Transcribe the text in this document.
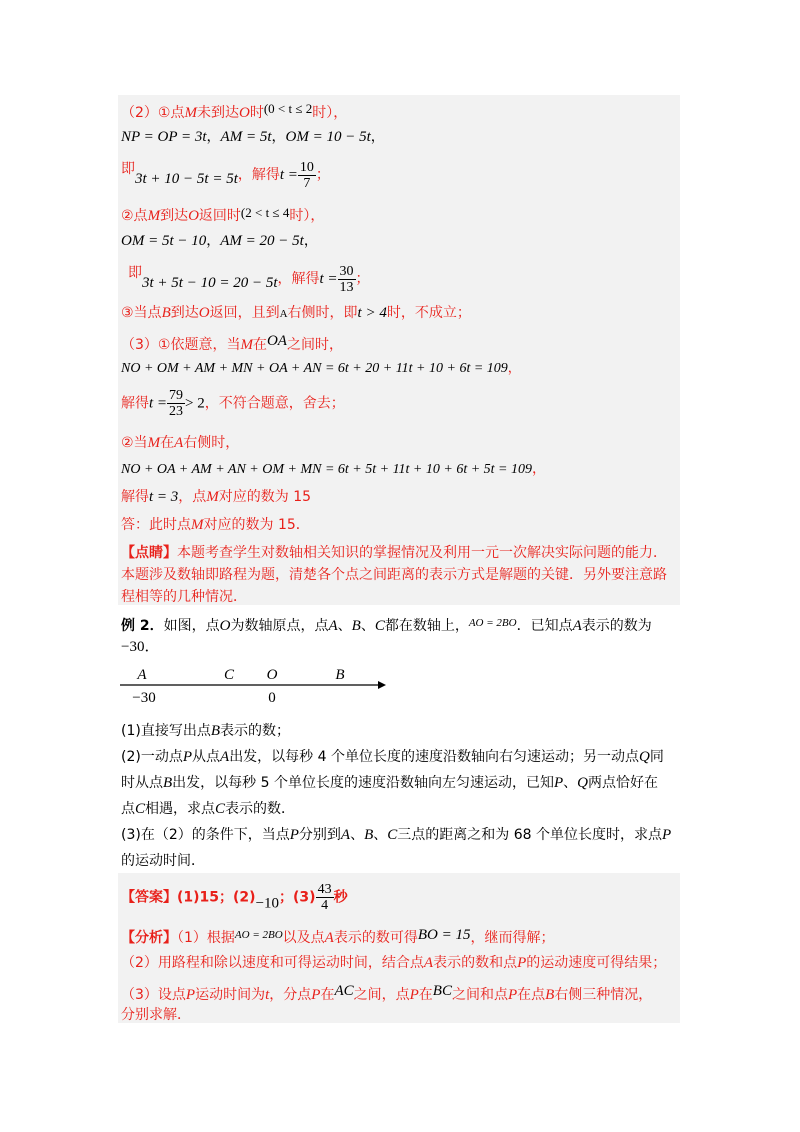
（2）①点M未到达O时(0 < t ≤ 2时），
NP = OP = 3t，AM = 5t，OM = 10 − 5t，
即3t + 10 − 5t = 5t，解得$t = \frac{10}{7}$ ；
②点M到达O返回时(2 < t ≤ 4时），
OM = 5t − 10，AM = 20 − 5t，
即3t + 5t − 10 = 20 − 5t，解得$t = \frac{30}{13}$ ；
③当点B到达O返回，且到A右侧时，即t > 4时，不成立；
（3）①依题意，当M在OA之间时，
NO + OM + AM + MN + OA + AN = 6t + 20 + 11t + 10 + 6t = 109，
解得$t = \frac{79}{23} > 2$，不符合题意，舍去；
②当M在A右侧时，
NO + OA + AM + AN + OM + MN = 6t + 5t + 11t + 10 + 6t + 5t = 109，
解得t = 3，点M对应的数为 15
答：此时点M对应的数为 15．
【点睛】本题考查学生对数轴相关知识的掌握情况及利用一元一次解决实际问题的能力．
本题涉及数轴即路程为题，清楚各个点之间距离的表示方式是解题的关键．另外要注意路
程相等的几种情况．
例 2．如图，点O为数轴原点，点A、B、C都在数轴上，$^{AO = 2BO}$．已知点A表示的数为
−30．
A	C O	B
−30	0
(1)直接写出点B表示的数；
(2)一动点P从点A出发，以每秒 4 个单位长度的速度沿数轴向右匀速运动；另一动点Q同
时从点B出发，以每秒 5 个单位长度的速度沿数轴向左匀速运动，已知P、Q两点恰好在
点C相遇，求点C表示的数．
(3)在（2）的条件下，当点P分别到A、B、C三点的距离之和为 68 个单位长度时，求点P
的运动时间．
【答案】(1)15；(2)−10；$(3) \frac{43}{4}$ 秒
【分析】（1）根据$^{AO = 2BO}$以及点A表示的数可得BO = 15，继而得解；
（2）用路程和除以速度和可得运动时间，结合点A表示的数和点P的运动速度可得结果；
（3）设点P运动时间为t，分点P在AC之间，点P在BC之间和点P在点B右侧三种情况，
分别求解．
